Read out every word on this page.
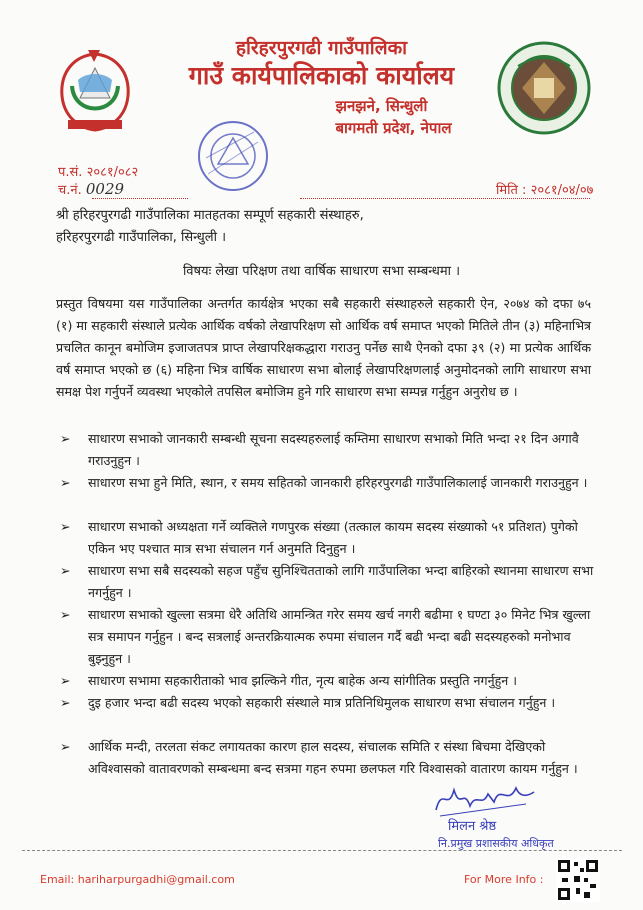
हरिहरपुरगढी गाउँपालिका
गाउँ कार्यपालिकाको कार्यालय
झनझने, सिन्धुली
बागमती प्रदेश, नेपाल
प.सं. २०८१/०८२
च.नं. 0029	मिति : २०८१/०४/०७
श्री हरिहरपुरगढी गाउँपालिका मातहतका सम्पूर्ण सहकारी संस्थाहरु,
हरिहरपुरगढी गाउँपालिका, सिन्धुली ।
विषयः लेखा परिक्षण तथा वार्षिक साधारण सभा सम्बन्धमा ।
प्रस्तुत विषयमा यस गाउँपालिका अन्तर्गत कार्यक्षेत्र भएका सबै सहकारी संस्थाहरुले सहकारी ऐन, २०७४ को दफा ७५ (१) मा सहकारी संस्थाले प्रत्येक आर्थिक वर्षको लेखापरिक्षण सो आर्थिक वर्ष समाप्त भएको मितिले तीन (३) महिनाभित्र प्रचलित कानून बमोजिम इजाजतपत्र प्राप्त लेखापरिक्षकद्धारा गराउनु पर्नेछ साथै ऐनको दफा ३९ (२) मा प्रत्येक आर्थिक वर्ष समाप्त भएको छ (६) महिना भित्र वार्षिक साधारण सभा बोलाई लेखापरिक्षणलाई अनुमोदनको लागि साधारण सभा समक्ष पेश गर्नुपर्ने व्यवस्था भएकोले तपसिल बमोजिम हुने गरि साधारण सभा सम्पन्न गर्नुहुन अनुरोध छ ।
➢	साधारण सभाको जानकारी सम्बन्धी सूचना सदस्यहरुलाई कम्तिमा साधारण सभाको मिति भन्दा २१ दिन अगावै गराउनुहुन ।
➢	साधारण सभा हुने मिति, स्थान, र समय सहितको जानकारी हरिहरपुरगढी गाउँपालिकालाई जानकारी गराउनुहुन ।
➢	साधारण सभाको अध्यक्षता गर्ने व्यक्तिले गणपुरक संख्या (तत्काल कायम सदस्य संख्याको ५१ प्रतिशत) पुगेको एकिन भए पश्चात मात्र सभा संचालन गर्न अनुमति दिनुहुन ।
➢	साधारण सभा सबै सदस्यको सहज पहुँच सुनिश्चितताको लागि गाउँपालिका भन्दा बाहिरको स्थानमा साधारण सभा नगर्नुहुन ।
➢	साधारण सभाको खुल्ला सत्रमा धेरै अतिथि आमन्त्रित गरेर समय खर्च नगरी बढीमा १ घण्टा ३० मिनेट भित्र खुल्ला सत्र समापन गर्नुहुन । बन्द सत्रलाई अन्तरक्रियात्मक रुपमा संचालन गर्दै बढी भन्दा बढी सदस्यहरुको मनोभाव बुझ्नुहुन ।
➢	साधारण सभामा सहकारीताको भाव झल्किने गीत, नृत्य बाहेक अन्य सांगीतिक प्रस्तुति नगर्नुहुन ।
➢	दुइ हजार भन्दा बढी सदस्य भएको सहकारी संस्थाले मात्र प्रतिनिधिमुलक साधारण सभा संचालन गर्नुहुन ।
➢	आर्थिक मन्दी, तरलता संकट लगायतका कारण हाल सदस्य, संचालक समिति र संस्था बिचमा देखिएको अविश्वासको वातावरणको सम्बन्धमा बन्द सत्रमा गहन रुपमा छलफल गरि विश्वासको वातारण कायम गर्नुहुन ।
मिलन श्रेष्ठ
नि.प्रमुख प्रशासकीय अधिकृत
Email: hariharpurgadhi@gmail.com	For More Info :
